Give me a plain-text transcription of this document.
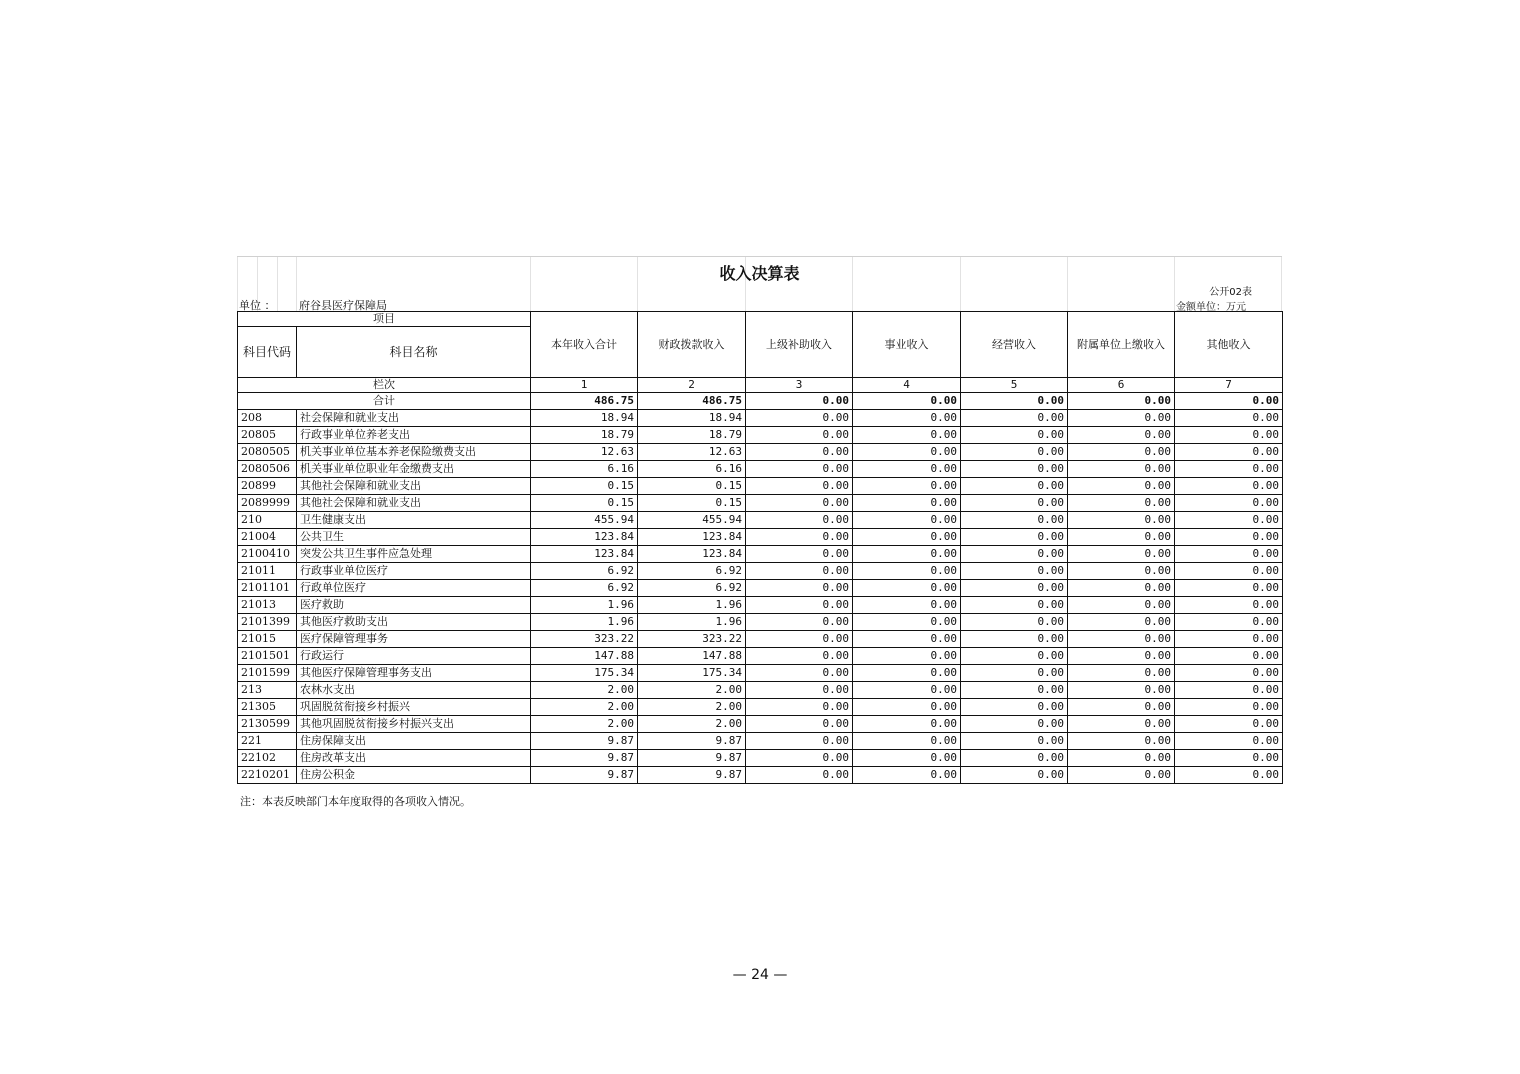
收入决算表
公开02表
单位 ： 府谷县医疗保障局	金额单位：万元
项目		本年收入合计	财政拨款收入	上级补助收入	事业收入	经营收入	附属单位上缴收入	其他收入
科目代码	科目名称							
栏次		1	2	3	4	5	6	7
合计		486.75	486.75	0.00	0.00	0.00	0.00	0.00
208	社会保障和就业支出	18.94	18.94	0.00	0.00	0.00	0.00	0.00
20805	行政事业单位养老支出	18.79	18.79	0.00	0.00	0.00	0.00	0.00
2080505	机关事业单位基本养老保险缴费支出	12.63	12.63	0.00	0.00	0.00	0.00	0.00
2080506	机关事业单位职业年金缴费支出	6.16	6.16	0.00	0.00	0.00	0.00	0.00
20899	其他社会保障和就业支出	0.15	0.15	0.00	0.00	0.00	0.00	0.00
2089999	其他社会保障和就业支出	0.15	0.15	0.00	0.00	0.00	0.00	0.00
210	卫生健康支出	455.94	455.94	0.00	0.00	0.00	0.00	0.00
21004	公共卫生	123.84	123.84	0.00	0.00	0.00	0.00	0.00
2100410	突发公共卫生事件应急处理	123.84	123.84	0.00	0.00	0.00	0.00	0.00
21011	行政事业单位医疗	6.92	6.92	0.00	0.00	0.00	0.00	0.00
2101101	行政单位医疗	6.92	6.92	0.00	0.00	0.00	0.00	0.00
21013	医疗救助	1.96	1.96	0.00	0.00	0.00	0.00	0.00
2101399	其他医疗救助支出	1.96	1.96	0.00	0.00	0.00	0.00	0.00
21015	医疗保障管理事务	323.22	323.22	0.00	0.00	0.00	0.00	0.00
2101501	行政运行	147.88	147.88	0.00	0.00	0.00	0.00	0.00
2101599	其他医疗保障管理事务支出	175.34	175.34	0.00	0.00	0.00	0.00	0.00
213	农林水支出	2.00	2.00	0.00	0.00	0.00	0.00	0.00
21305	巩固脱贫衔接乡村振兴	2.00	2.00	0.00	0.00	0.00	0.00	0.00
2130599	其他巩固脱贫衔接乡村振兴支出	2.00	2.00	0.00	0.00	0.00	0.00	0.00
221	住房保障支出	9.87	9.87	0.00	0.00	0.00	0.00	0.00
22102	住房改革支出	9.87	9.87	0.00	0.00	0.00	0.00	0.00
2210201	住房公积金	9.87	9.87	0.00	0.00	0.00	0.00	0.00
注：本表反映部门本年度取得的各项收入情况。
— 24 —
